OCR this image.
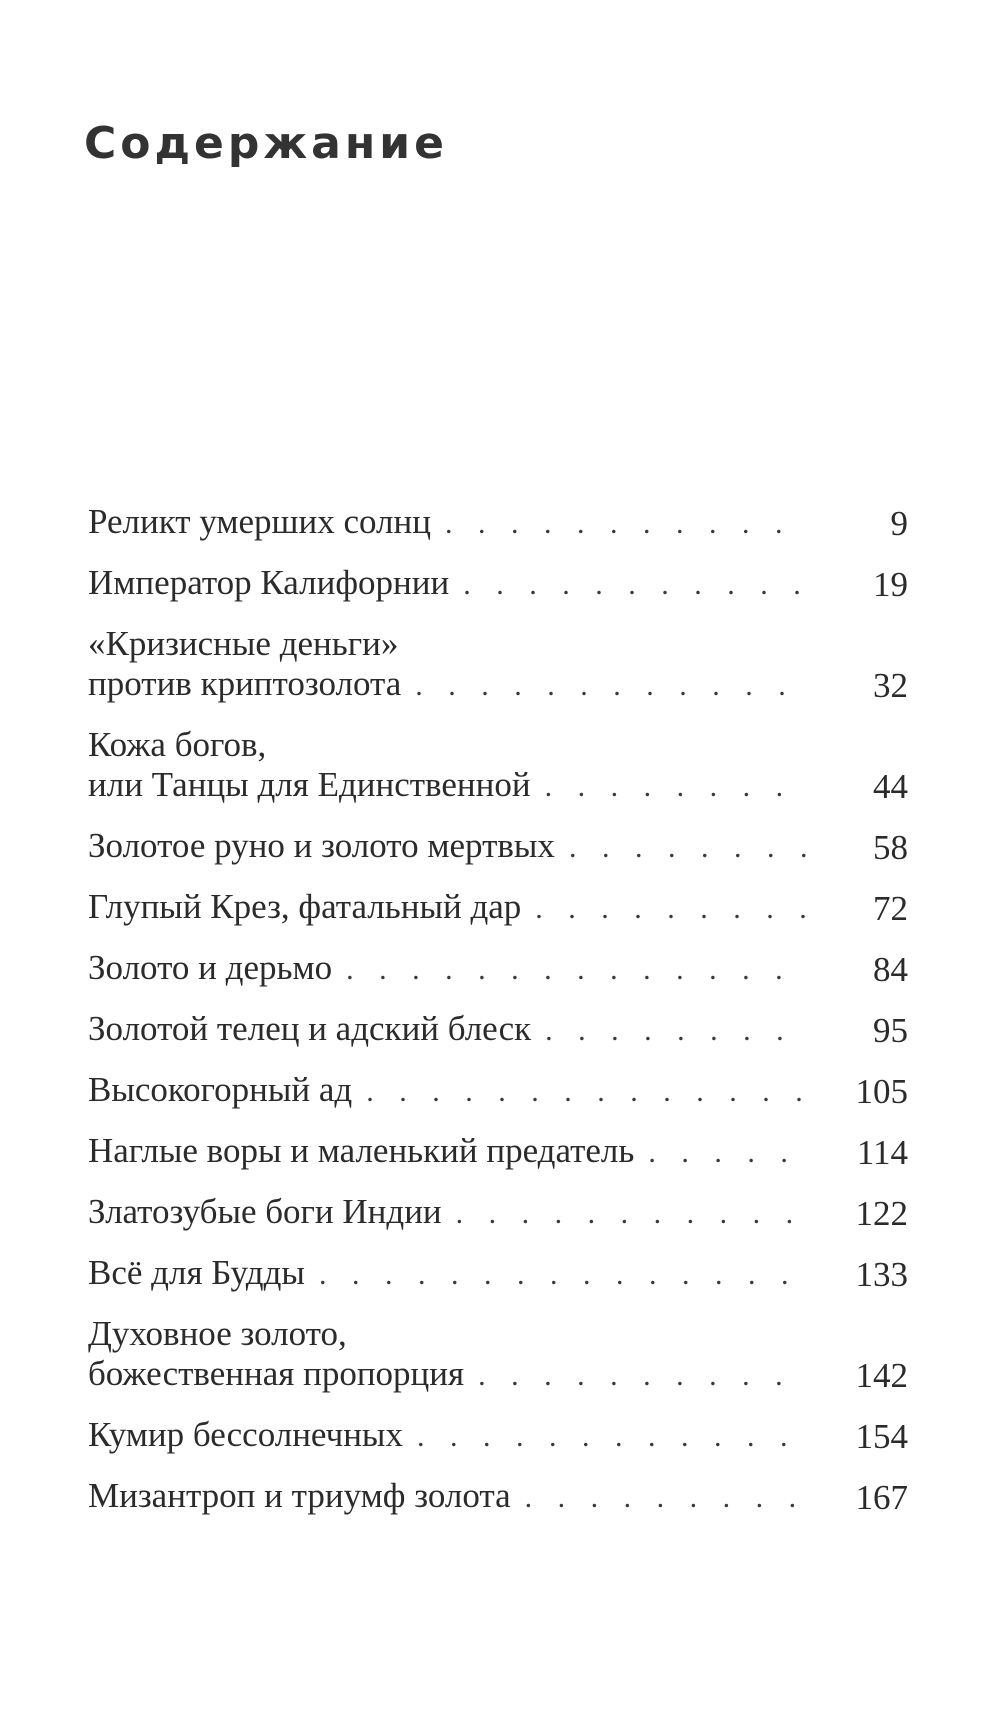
Содержание
Реликт умерших солнц . . .	9
Император Калифорнии . . .	19
«Кризисные деньги»
против криптозолота . . .	32
Кожа богов,
или Танцы для Единственной . . .	44
Золотое руно и золото мертвых . . .	58
Глупый Крез, фатальный дар . . .	72
Золото и дерьмо . . .	84
Золотой телец и адский блеск . . .	95
Высокогорный ад . . .	105
Наглые воры и маленький предатель . . .	114
Златозубые боги Индии . . .	122
Всё для Будды . . .	133
Духовное золото,
божественная пропорция . . .	142
Кумир бессолнечных . . .	154
Мизантроп и триумф золота . . .	167
